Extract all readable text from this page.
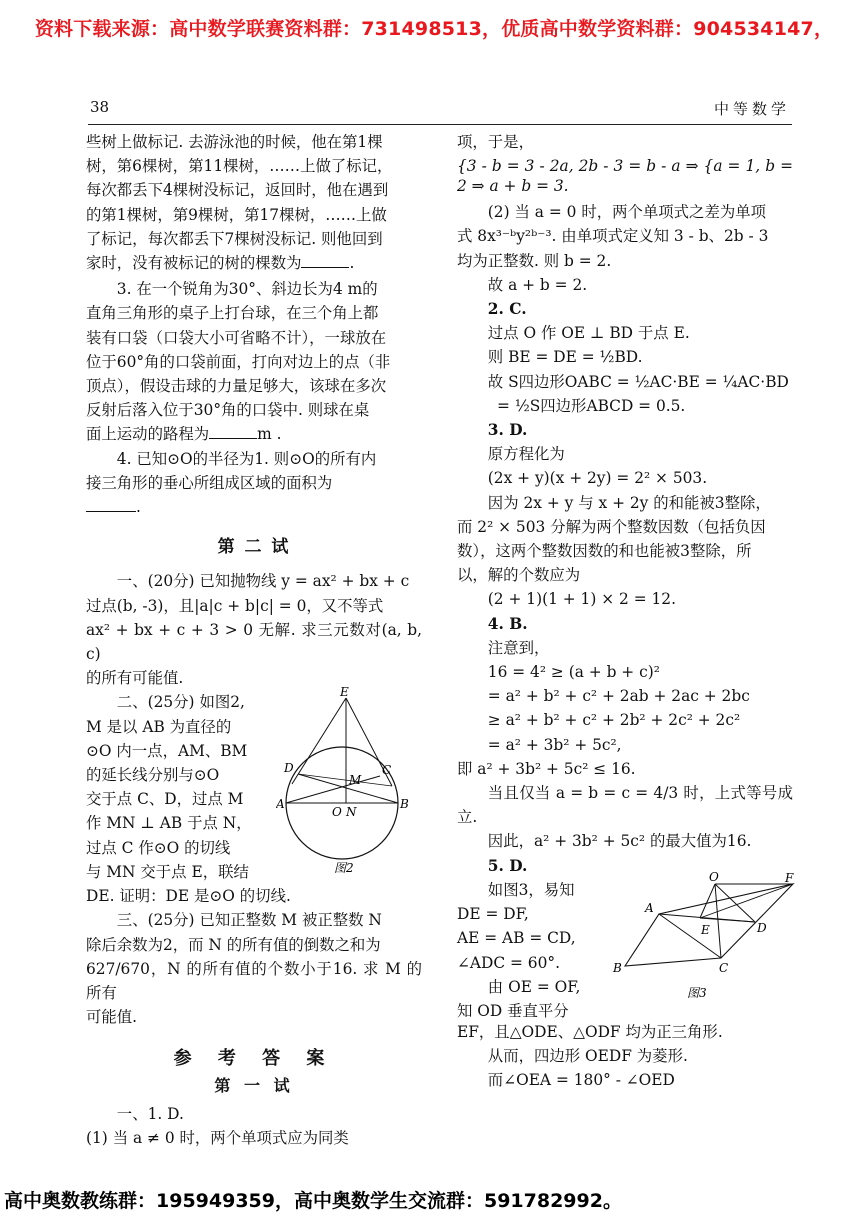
资料下载来源：高中数学联赛资料群：731498513，优质高中数学资料群：904534147，
38	中等数学

些树上做标记. 去游泳池的时候，他在第1棵
树，第6棵树，第11棵树，……上做了标记，
每次都丢下4棵树没标记，返回时，他在遇到
的第1棵树，第9棵树，第17棵树，……上做
了标记，每次都丢下7棵树没标记. 则他回到
家时，没有被标记的树的棵数为	.

3. 在一个锐角为30°、斜边长为4 m的
直角三角形的桌子上打台球，在三个角上都
装有口袋（口袋大小可省略不计），一球放在
位于60°角的口袋前面，打向对边上的点（非
顶点），假设击球的力量足够大，该球在多次
反射后落入位于30°角的口袋中. 则球在桌
面上运动的路程为	m .

4. 已知⊙O的半径为1. 则⊙O的所有内
接三角形的垂心所组成区域的面积为
.

第 二 试

一、(20分) 已知抛物线 y = ax² + bx + c
过点(b, -3)，且|a|c + b|c| = 0，又不等式
ax² + bx + c + 3 > 0 无解. 求三元数对(a, b, c)
的所有可能值.

二、(25分) 如图2,
M 是以 AB 为直径的
⊙O 内一点，AM、BM
的延长线分别与⊙O
交于点 C、D，过点 M
作 MN ⊥ AB 于点 N，
过点 C 作⊙O 的切线
与 MN 交于点 E，联结
DE. 证明：DE 是⊙O 的切线.

E
D
M
C
A
O N
B
图2

三、(25分) 已知正整数 M 被正整数 N
除后余数为2，而 N 的所有值的倒数之和为
627/670，N 的所有值的个数小于16. 求 M 的所有
可能值.

参 考 答 案
第 一 试

一、1. D.
(1) 当 a ≠ 0 时，两个单项式应为同类

项，于是，
{3 - b = 3 - 2a, 2b - 3 = b - a ⇒ {a = 1, b = 2 ⇒ a + b = 3.
(2) 当 a = 0 时，两个单项式之差为单项
式 8x³⁻ᵇy²ᵇ⁻³. 由单项式定义知 3 - b、2b - 3
均为正整数. 则 b = 2.
故 a + b = 2.
2. C.
过点 O 作 OE ⊥ BD 于点 E.
则 BE = DE = ½BD.
故 S四边形OABC = ½AC·BE = ¼AC·BD
= ½S四边形ABCD = 0.5.
3. D.
原方程化为
(2x + y)(x + 2y) = 2² × 503.
因为 2x + y 与 x + 2y 的和能被3整除，
而 2² × 503 分解为两个整数因数（包括负因
数），这两个整数因数的和也能被3整除，所
以，解的个数应为
(2 + 1)(1 + 1) × 2 = 12.
4. B.
注意到，
16 = 4² ≥ (a + b + c)²
= a² + b² + c² + 2ab + 2ac + 2bc
≥ a² + b² + c² + 2b² + 2c² + 2c²
= a² + 3b² + 5c²,
即 a² + 3b² + 5c² ≤ 16.
当且仅当 a = b = c = 4/3 时，上式等号成立.
因此，a² + 3b² + 5c² 的最大值为16.
5. D.

如图3，易知
DE = DF,
AE = AB = CD,
∠ADC = 60°.
由 OE = OF,
知 OD 垂直平分

O	F
A
E	D
B	C
图3

EF，且△ODE、△ODF 均为正三角形.
从而，四边形 OEDF 为菱形.
而∠OEA = 180° - ∠OED

高中奥数教练群：195949359，高中奥数学生交流群：591782992。
